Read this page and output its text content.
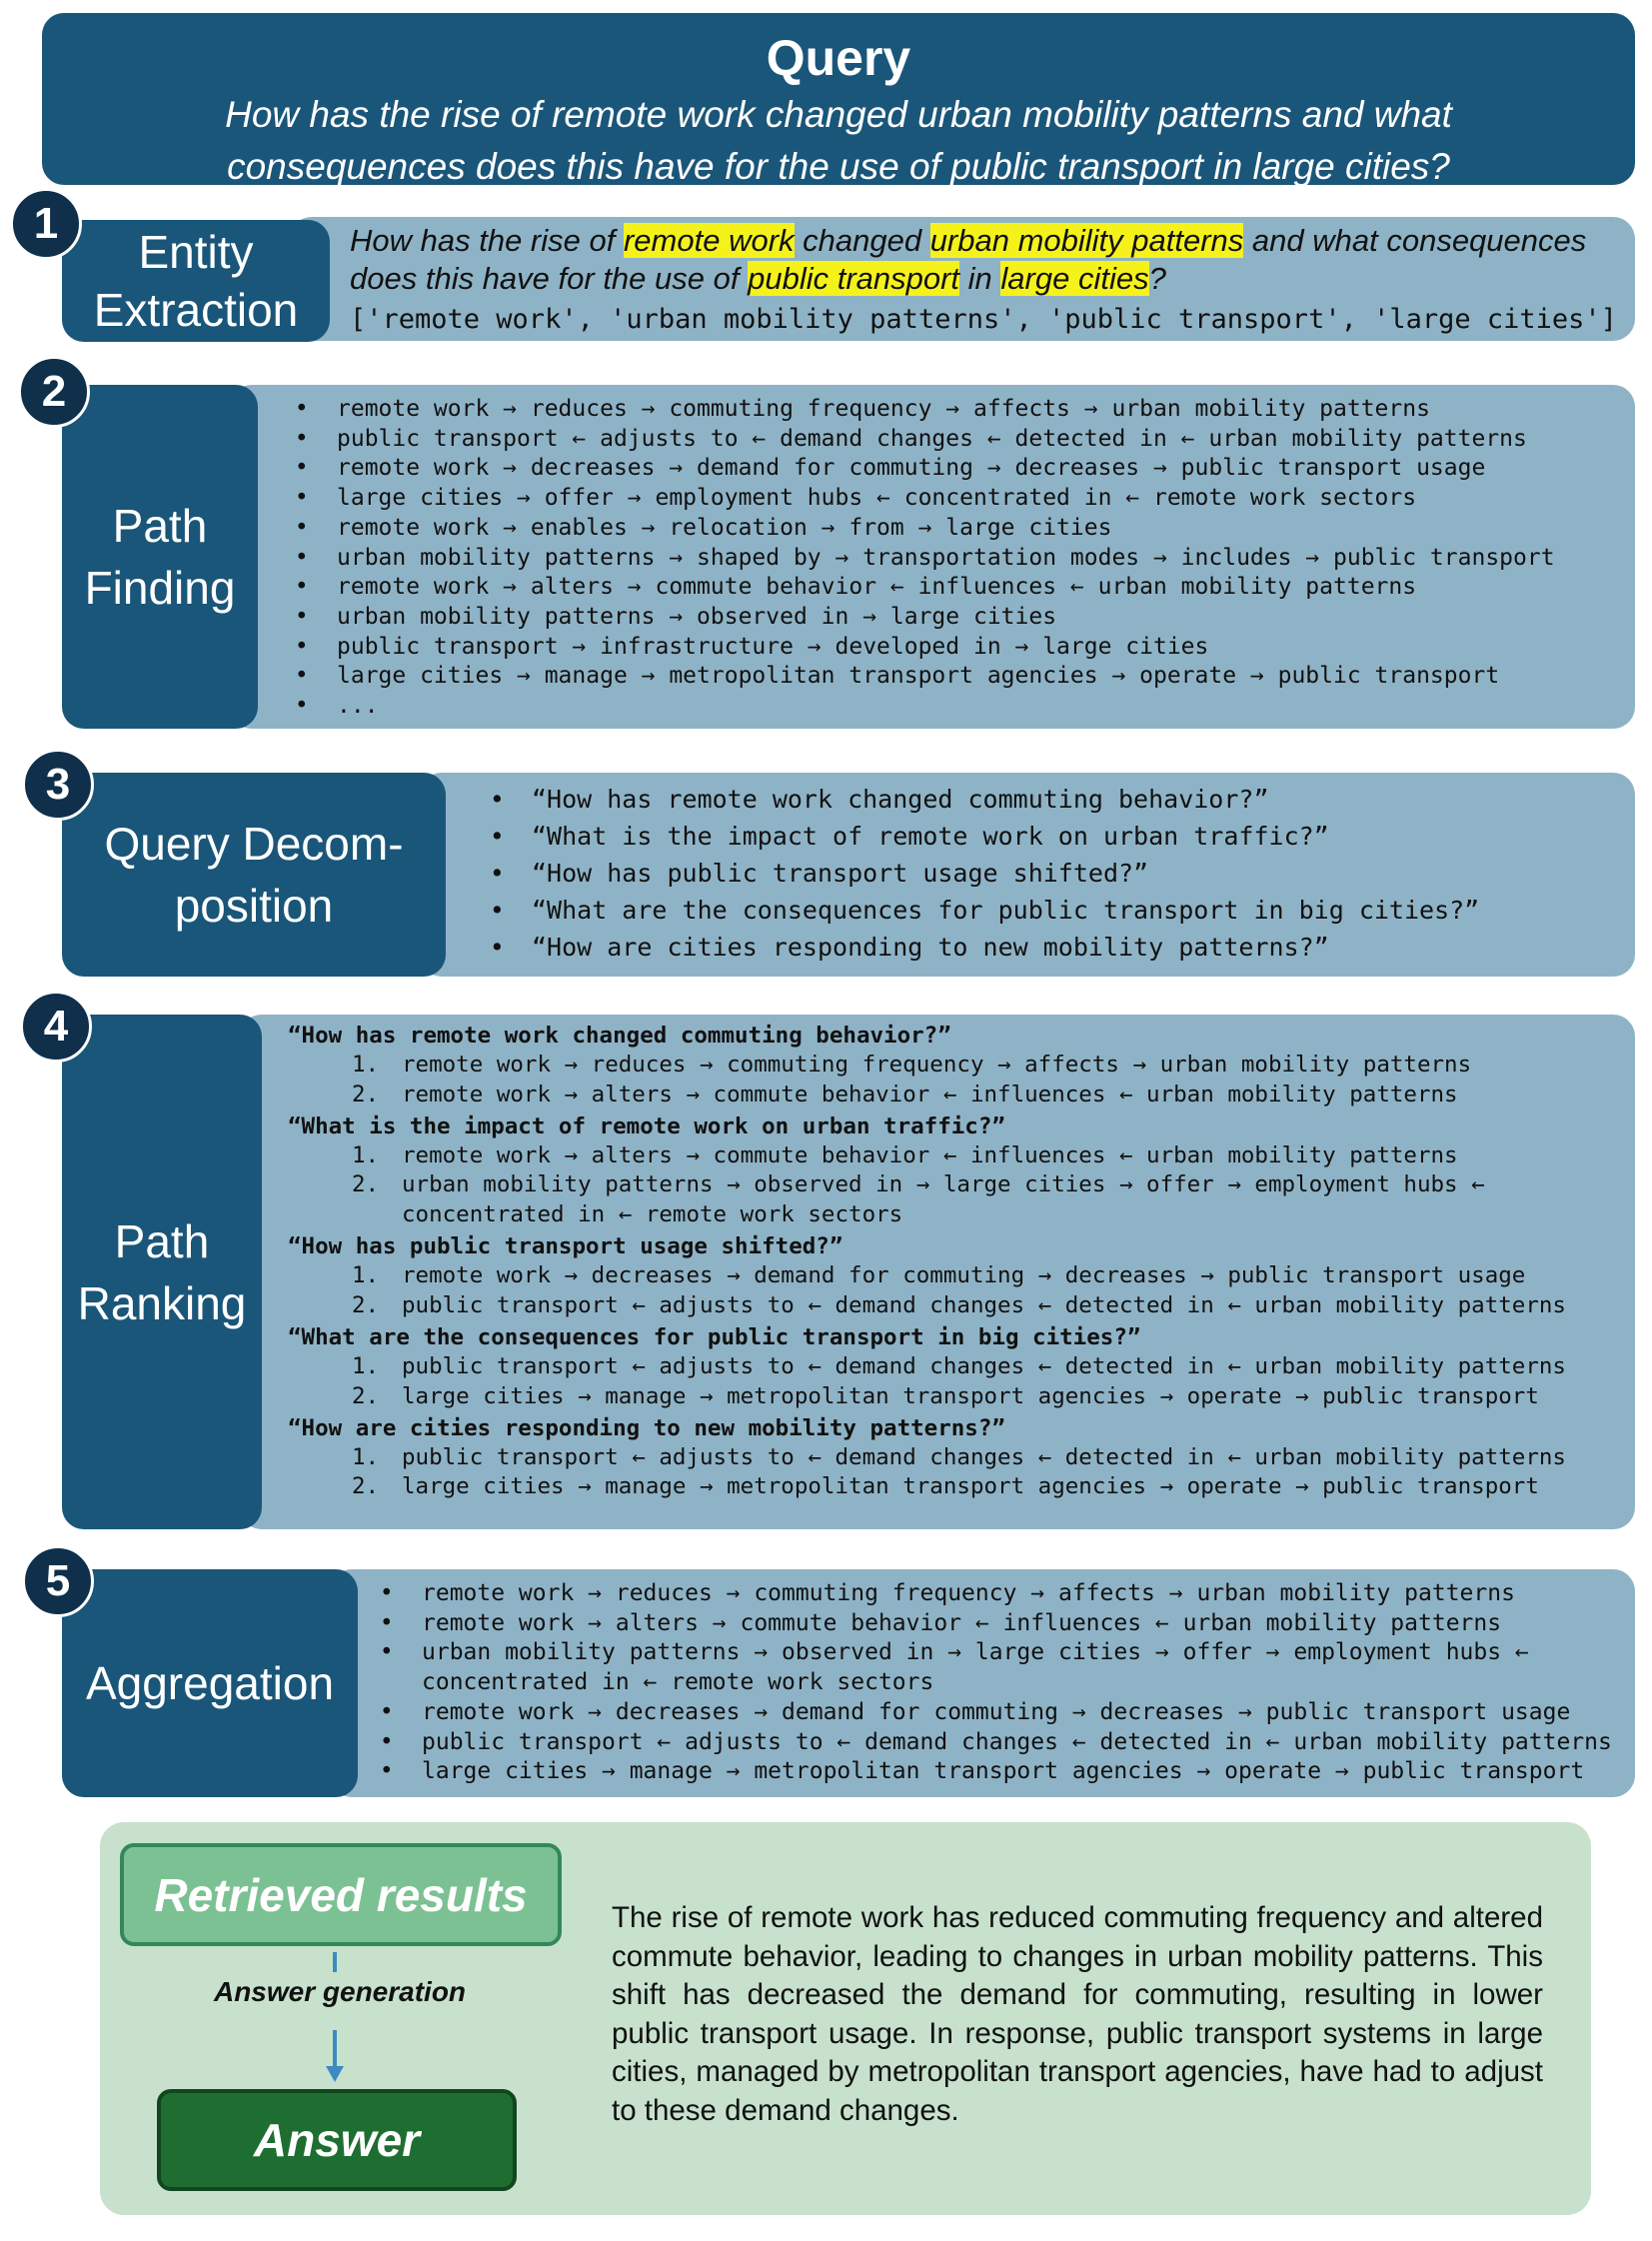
Query
How has the rise of remote work changed urban mobility patterns and what consequences does this have for the use of public transport in large cities?
Entity
Extraction
1	How has the rise of remote work changed urban mobility patterns and what consequences does this have for the use of public transport in large cities?
['remote work', 'urban mobility patterns', 'public transport', 'large cities']
Path
Finding
2	• remote work → reduces → commuting frequency → affects → urban mobility patterns
• public transport ← adjusts to ← demand changes ← detected in ← urban mobility patterns
• remote work → decreases → demand for commuting → decreases → public transport usage
• large cities → offer → employment hubs ← concentrated in ← remote work sectors
• remote work → enables → relocation → from → large cities
• urban mobility patterns → shaped by → transportation modes → includes → public transport
• remote work → alters → commute behavior ← influences ← urban mobility patterns
• urban mobility patterns → observed in → large cities
• public transport → infrastructure → developed in → large cities
• large cities → manage → metropolitan transport agencies → operate → public transport
• ...
Query Decom-
position
3	• “How has remote work changed commuting behavior?”
• “What is the impact of remote work on urban traffic?”
• “How has public transport usage shifted?”
• “What are the consequences for public transport in big cities?”
• “How are cities responding to new mobility patterns?”
Path
Ranking
4	“How has remote work changed commuting behavior?”
1. remote work → reduces → commuting frequency → affects → urban mobility patterns
2. remote work → alters → commute behavior ← influences ← urban mobility patterns
“What is the impact of remote work on urban traffic?”
1. remote work → alters → commute behavior ← influences ← urban mobility patterns
2. urban mobility patterns → observed in → large cities → offer → employment hubs ←
concentrated in ← remote work sectors
“How has public transport usage shifted?”
1. remote work → decreases → demand for commuting → decreases → public transport usage
2. public transport ← adjusts to ← demand changes ← detected in ← urban mobility patterns
“What are the consequences for public transport in big cities?”
1. public transport ← adjusts to ← demand changes ← detected in ← urban mobility patterns
2. large cities → manage → metropolitan transport agencies → operate → public transport
“How are cities responding to new mobility patterns?”
1. public transport ← adjusts to ← demand changes ← detected in ← urban mobility patterns
2. large cities → manage → metropolitan transport agencies → operate → public transport
Aggregation
5	• remote work → reduces → commuting frequency → affects → urban mobility patterns
• remote work → alters → commute behavior ← influences ← urban mobility patterns
• urban mobility patterns → observed in → large cities → offer → employment hubs ←
concentrated in ← remote work sectors
• remote work → decreases → demand for commuting → decreases → public transport usage
• public transport ← adjusts to ← demand changes ← detected in ← urban mobility patterns
• large cities → manage → metropolitan transport agencies → operate → public transport
Retrieved results
Answer generation
Answer
The rise of remote work has reduced commuting frequency and altered commute behavior, leading to changes in urban mobility patterns. This shift has decreased the demand for commuting, resulting in lower public transport usage. In response, public transport systems in large cities, managed by metropolitan transport agencies, have had to adjust to these demand changes.
